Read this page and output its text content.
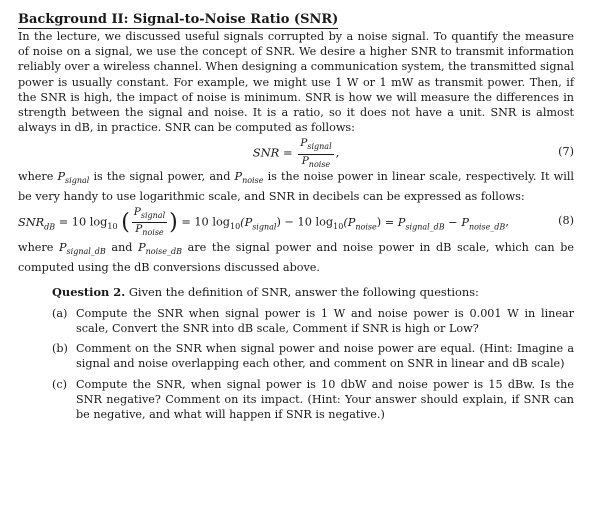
Background II: Signal-to-Noise Ratio (SNR)

In the lecture, we discussed useful signals corrupted by a noise signal. To quantify the measure of noise on a signal, we use the concept of SNR. We desire a higher SNR to transmit information reliably over a wireless channel. When designing a communication system, the transmitted signal power is usually constant. For example, we might use 1 W or 1 mW as transmit power. Then, if the SNR is high, the impact of noise is minimum. SNR is how we will measure the differences in strength between the signal and noise. It is a ratio, so it does not have a unit. SNR is almost always in dB, in practice. SNR can be computed as follows:

SNR = $\frac{P_{signal}}{P_{noise}}$ ,	(7)

where $P_{signal}$ is the signal power, and $P_{noise}$ is the noise power in linear scale, respectively. It will be very handy to use logarithmic scale, and SNR in decibels can be expressed as follows:

$SNR_{dB} = 10$ $\log_{10}$ ( $\frac{P_{signal}}{P_{noise}}$ ) = 10 $\log_{10}(P_{signal}) - 10$ $\log_{10}(P_{noise}) = P_{signal\_dB} - P_{noise\_dB}$,	(8)

where $P_{signal\_dB}$ and $P_{noise\_dB}$ are the signal power and noise power in dB scale, which can be computed using the dB conversions discussed above.

Question 2. Given the definition of SNR, answer the following questions:

(a) Compute the SNR when signal power is 1 W and noise power is 0.001 W in linear scale, Convert the SNR into dB scale, Comment if SNR is high or Low?
(b) Comment on the SNR when signal power and noise power are equal. (Hint: Imagine a signal and noise overlapping each other, and comment on SNR in linear and dB scale)
(c) Compute the SNR, when signal power is 10 dbW and noise power is 15 dBw. Is the SNR negative? Comment on its impact. (Hint: Your answer should explain, if SNR can be negative, and what will happen if SNR is negative.)
